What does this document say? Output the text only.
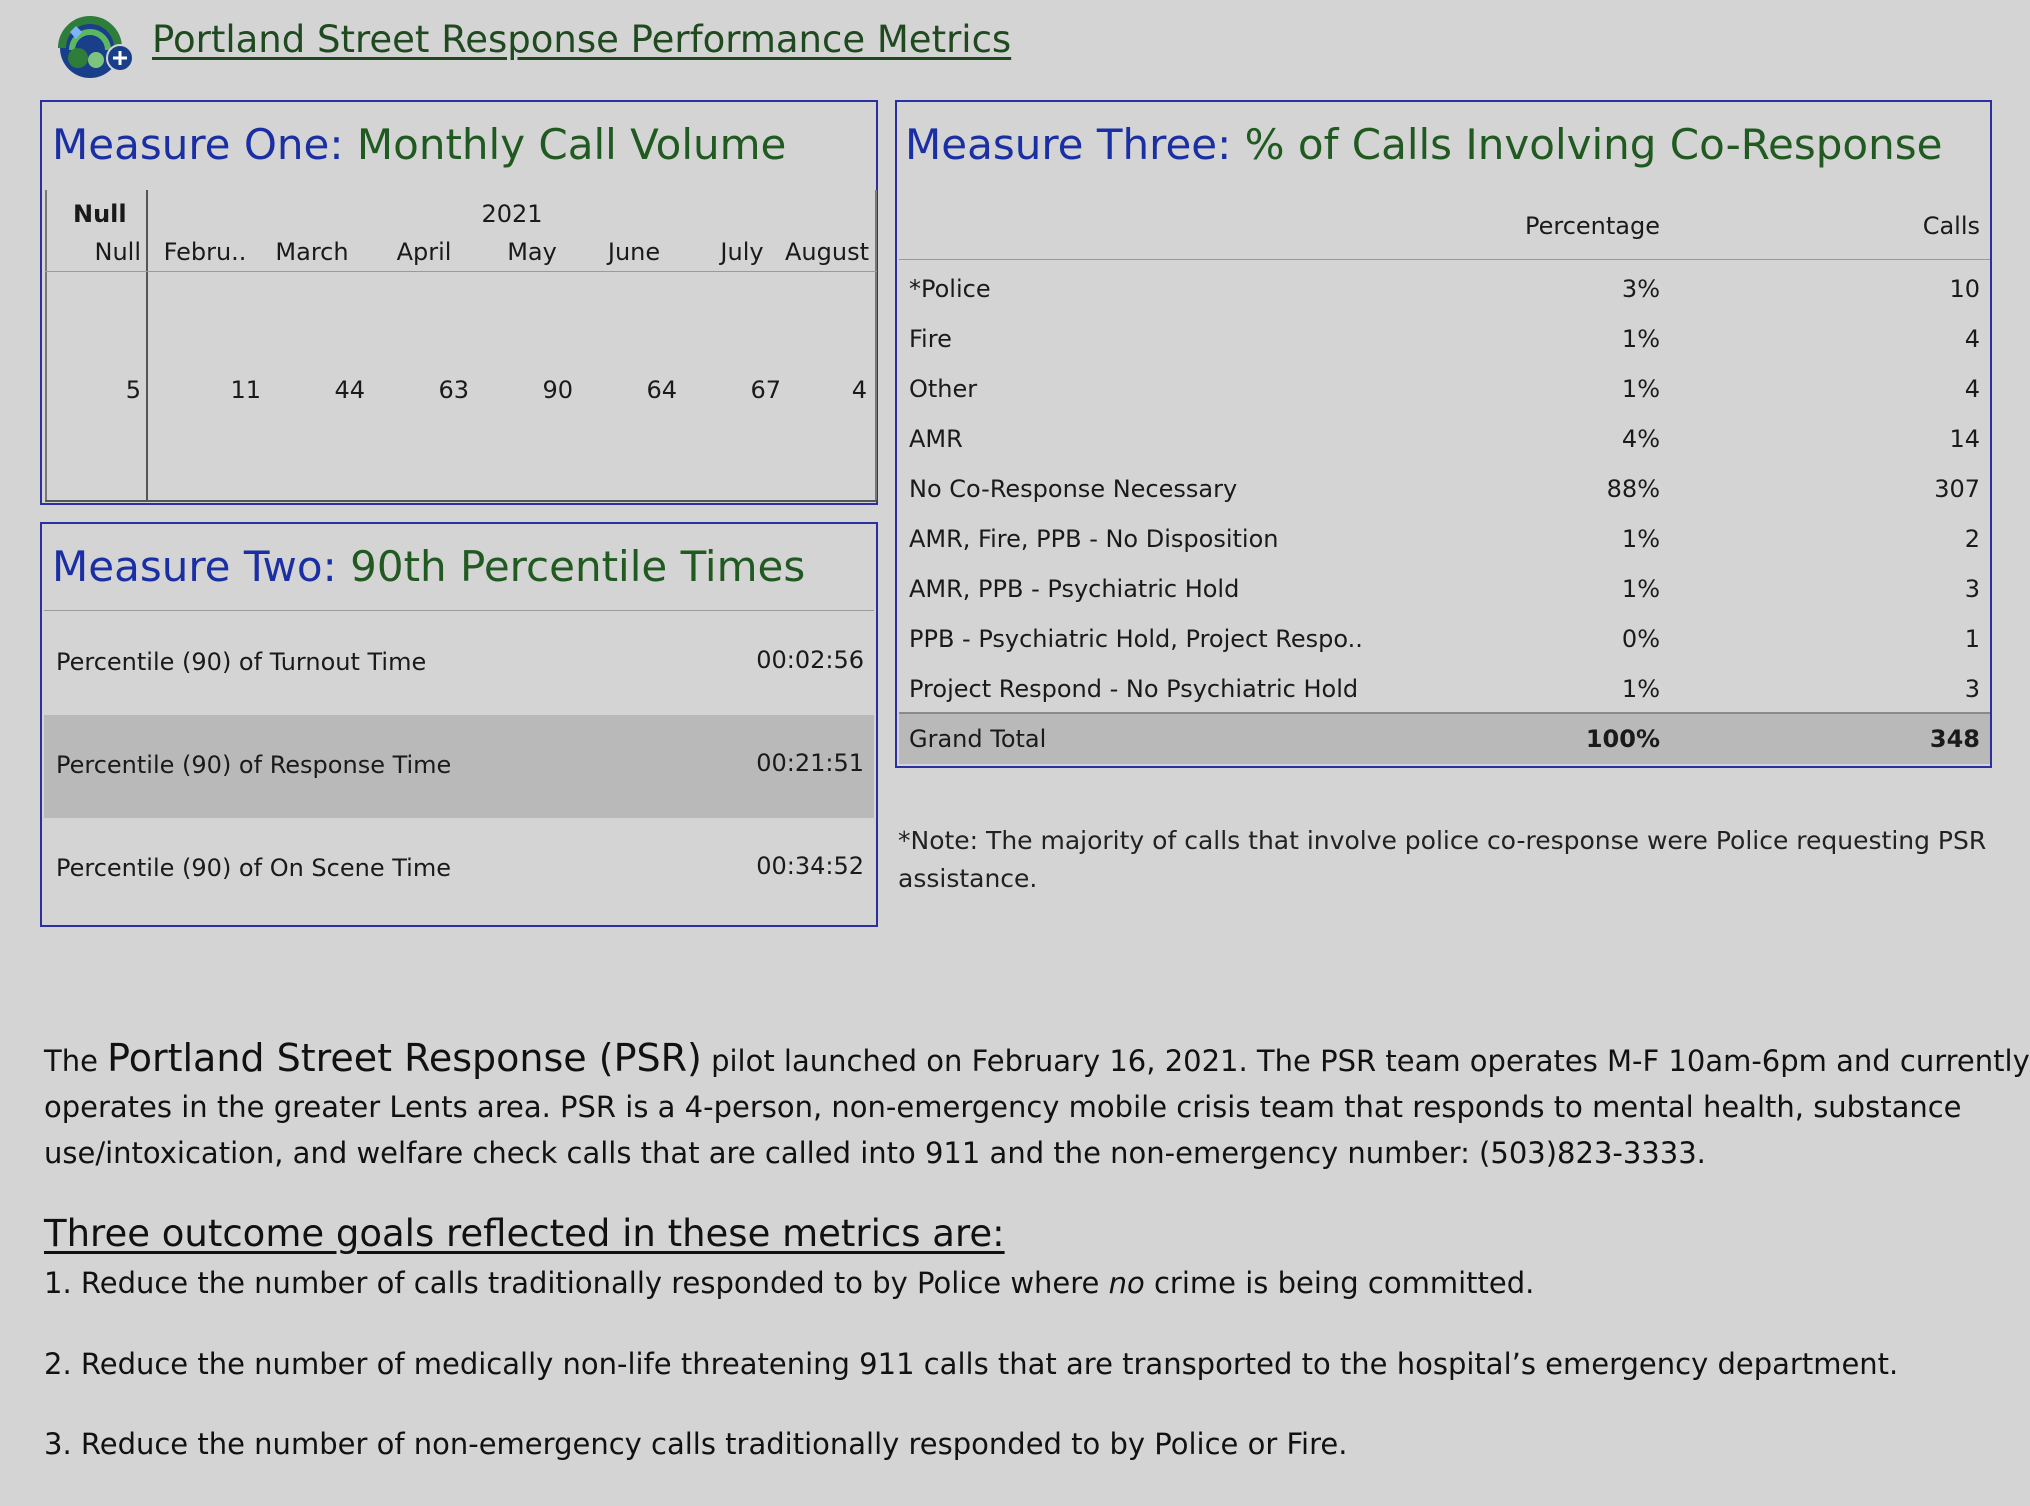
Portland Street Response Performance Metrics
Measure One: Monthly Call Volume
Null	2021
Null Febru.. March April May June	July August
5	11	44	63	90	64	67	4
Measure Two: 90th Percentile Times
Percentile (90) of Turnout Time	00:02:56
Percentile (90) of Response Time	00:21:51
Percentile (90) of On Scene Time	00:34:52
Measure Three: % of Calls Involving Co-Response
Percentage	Calls
*Police	3%	10
Fire	1%	4
Other	1%	4
AMR	4%	14
No Co-Response Necessary	88%	307
AMR, Fire, PPB - No Disposition	1%	2
AMR, PPB - Psychiatric Hold	1%	3
PPB - Psychiatric Hold, Project Respo..	0%	1
Project Respond - No Psychiatric Hold	1%	3
Grand Total	100%	348
*Note: The majority of calls that involve police co-response were Police requesting PSR assistance.
The Portland Street Response (PSR) pilot launched on February 16, 2021. The PSR team operates M-F 10am-6pm and currently
operates in the greater Lents area. PSR is a 4-person, non-emergency mobile crisis team that responds to mental health, substance
use/intoxication, and welfare check calls that are called into 911 and the non-emergency number: (503)823-3333.
Three outcome goals reflected in these metrics are:
1. Reduce the number of calls traditionally responded to by Police where no crime is being committed.
2. Reduce the number of medically non-life threatening 911 calls that are transported to the hospital’s emergency department.
3. Reduce the number of non-emergency calls traditionally responded to by Police or Fire.
